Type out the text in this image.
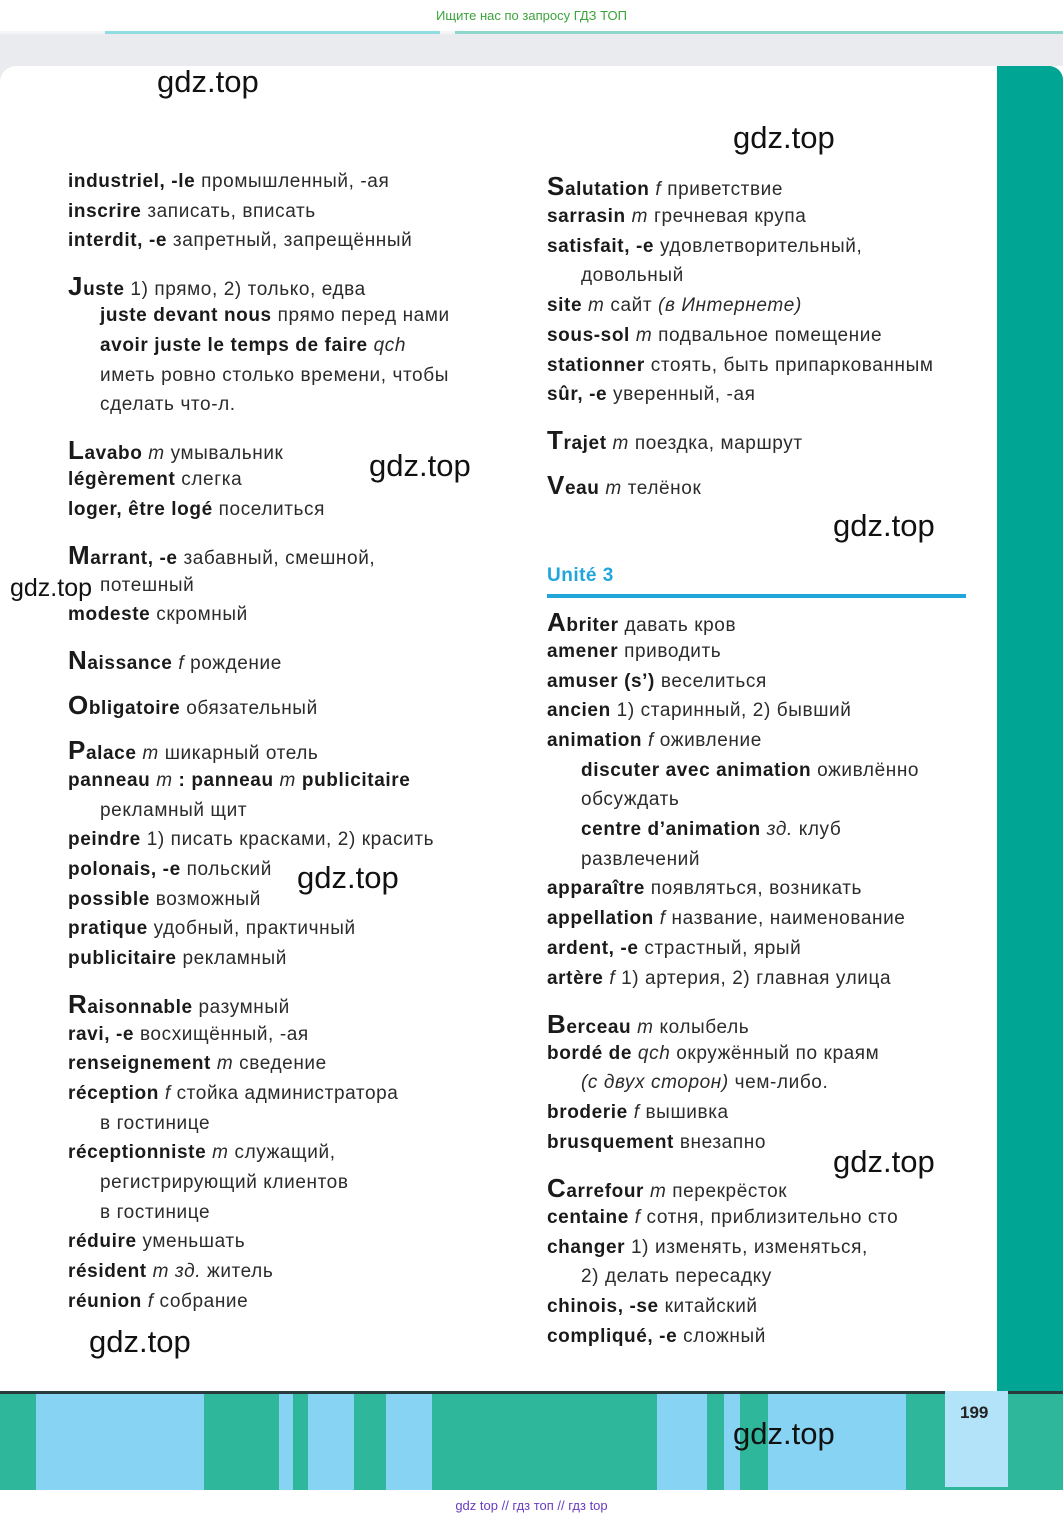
Ищите нас по запросу ГДЗ ТОП
199
gdz top // гдз топ // гдз top
industriel, -le промышленный, -ая
inscrire записать, вписать
interdit, -e запретный, запрещённый
Juste 1) прямо, 2) только, едва
juste devant nous прямо перед нами
avoir juste le temps de faire qch
иметь ровно столько времени, чтобы
сделать что-л.
Lavabo m умывальник
légèrement слегка
loger, être logé поселиться
Marrant, -e забавный, смешной,
потешный
modeste скромный
Naissance f рождение
Obligatoire обязательный
Palace m шикарный отель
panneau m : panneau m publicitaire
рекламный щит
peindre 1) писать красками, 2) красить
polonais, -e польский
possible возможный
pratique удобный, практичный
publicitaire рекламный
Raisonnable разумный
ravi, -e восхищённый, -ая
renseignement m сведение
réception f стойка администратора
в гостинице
réceptionniste m служащий,
регистрирующий клиентов
в гостинице
réduire уменьшать
résident m зд. житель
réunion f собрание
Salutation f приветствие
sarrasin m гречневая крупа
satisfait, -e удовлетворительный,
довольный
site m сайт (в Интернете)
sous-sol m подвальное помещение
stationner стоять, быть припаркованным
sûr, -e уверенный, -ая
Trajet m поездка, маршрут
Veau m телёнок
Unité 3
Abriter давать кров
amener приводить
amuser (s’) веселиться
ancien 1) старинный, 2) бывший
animation f оживление
discuter avec animation оживлённо
обсуждать
centre d’animation зд. клуб
развлечений
apparaître появляться, возникать
appellation f название, наименование
ardent, -e страстный, ярый
artère f 1) артерия, 2) главная улица
Berceau m колыбель
bordé de qch окружённый по краям
(с двух сторон) чем-либо.
broderie f вышивка
brusquement внезапно
Carrefour m перекрёсток
centaine f сотня, приблизительно сто
changer 1) изменять, изменяться,
2) делать пересадку
chinois, -se китайский
compliqué, -e сложный
gdz.top
gdz.top
gdz.top
gdz.top
gdz.top
gdz.top
gdz.top
gdz.top
gdz.top
